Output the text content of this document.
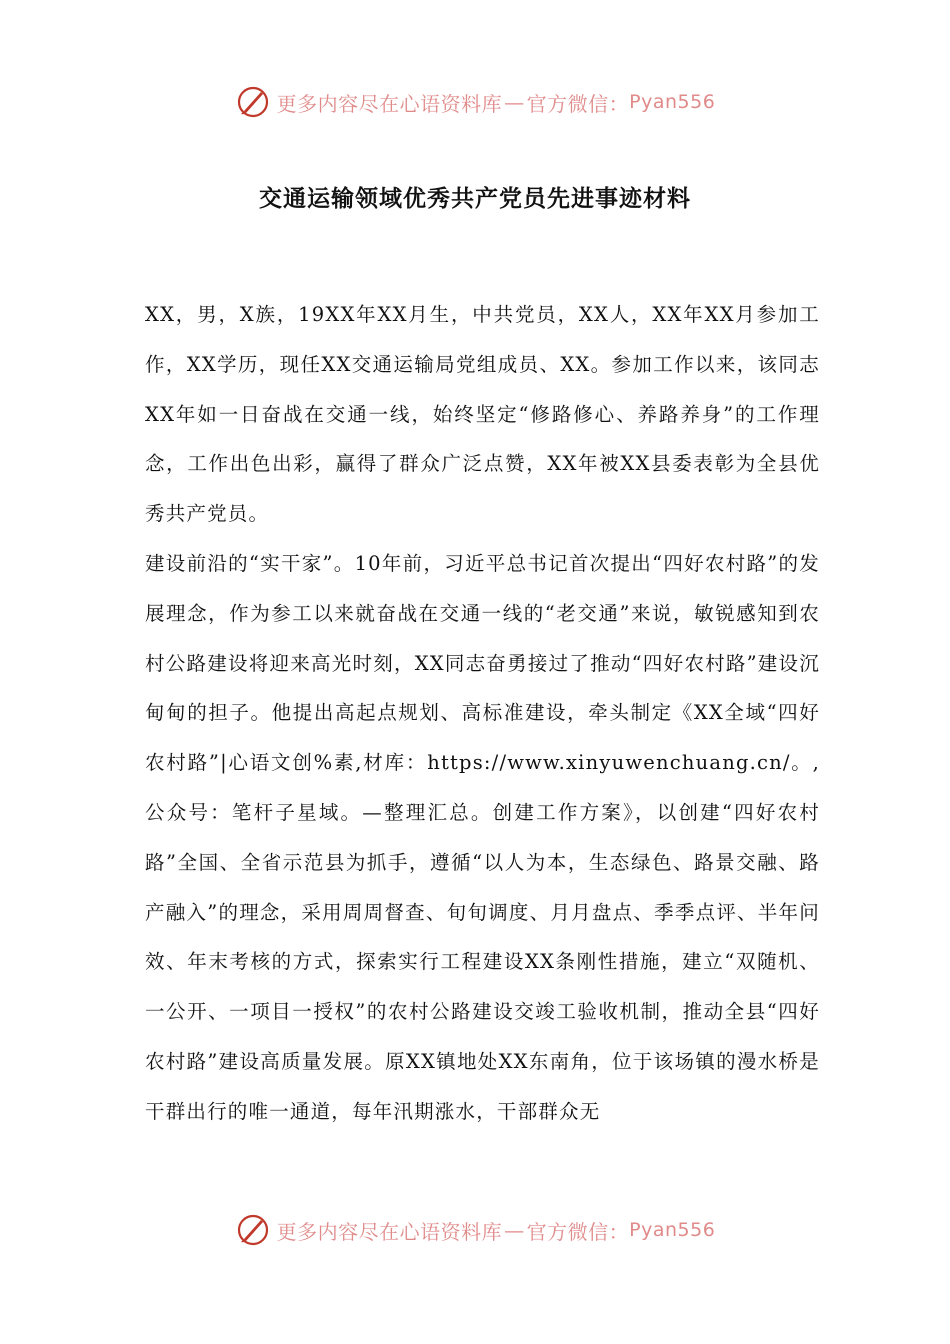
更多内容尽在心语资料库 — 官方微信： Pyan556
交通运输领域优秀共产党员先进事迹材料

XX，男，X族，19XX年XX月生，中共党员，XX人，XX年XX月参加工作，XX学历，现任XX交通运输局党组成员、XX。参加工作以来，该同志XX年如一日奋战在交通一线，始终坚定“修路修心、养路养身”的工作理念，工作出色出彩，赢得了群众广泛点赞，XX年被XX县委表彰为全县优秀共产党员。

建设前沿的“实干家”。10年前，习近平总书记首次提出“四好农村路”的发展理念，作为参工以来就奋战在交通一线的“老交通”来说，敏锐感知到农村公路建设将迎来高光时刻，XX同志奋勇接过了推动“四好农村路”建设沉甸甸的担子。他提出高起点规划、高标准建设，牵头制定《XX全域“四好农村路”|心语文创%素,材库：https://www.xinyuwenchuang.cn/。,公众号：笔杆子星域。—整理汇总。创建工作方案》，以创建“四好农村路”全国、全省示范县为抓手，遵循“以人为本，生态绿色、路景交融、路产融入”的理念，采用周周督查、旬旬调度、月月盘点、季季点评、半年问效、年末考核的方式，探索实行工程建设XX条刚性措施，建立“双随机、一公开、一项目一授权”的农村公路建设交竣工验收机制，推动全县“四好农村路”建设高质量发展。原XX镇地处XX东南角，位于该场镇的漫水桥是干群出行的唯一通道，每年汛期涨水，干部群众无

更多内容尽在心语资料库 — 官方微信： Pyan556
